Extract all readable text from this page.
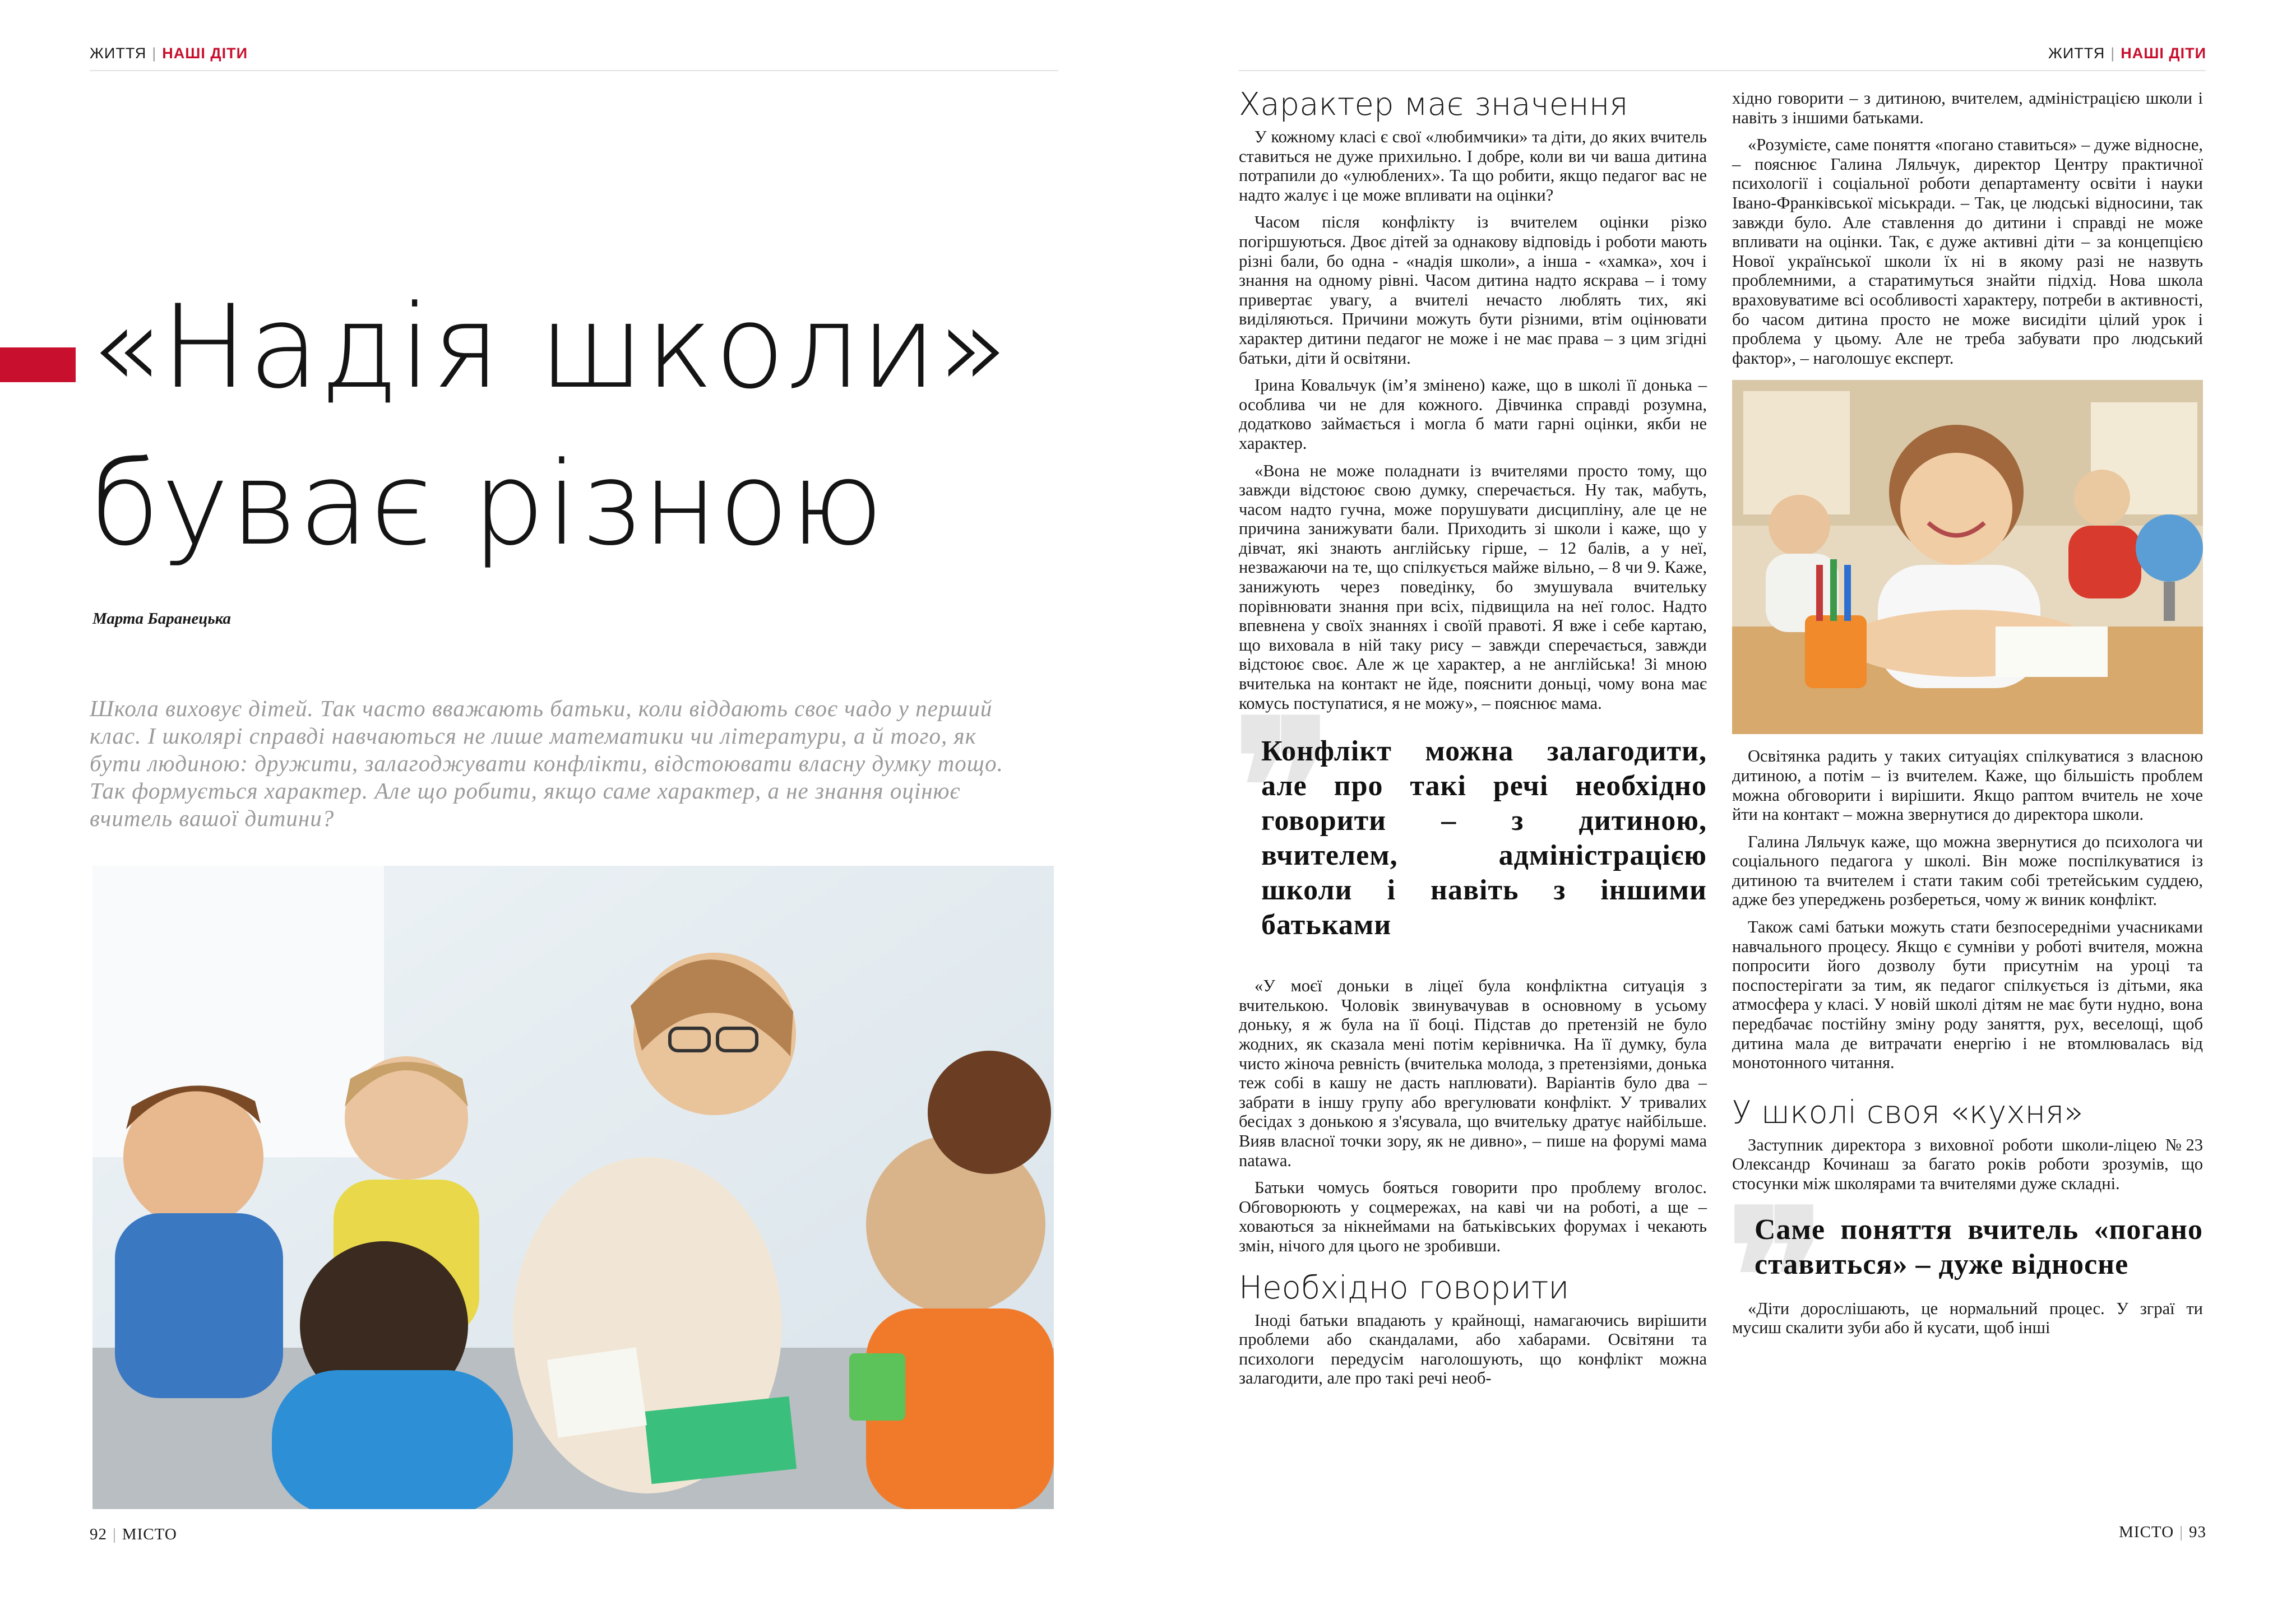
ЖИТТЯ | НАШІ ДІТИ
«Надія школи»
буває різною
Марта Баранецька
Школа виховує дітей. Так часто вважають батьки, коли віддають своє чадо у перший клас. І школярі справді навчаються не лише математики чи літератури, а й того, як бути людиною: дружити, залагоджувати конфлікти, відстоювати власну думку тощо. Так формується характер. Але що робити, якщо саме характер, а не знання оцінює вчитель вашої дитини?
92 | МІСТО
ЖИТТЯ | НАШІ ДІТИ
Характер має значення

У кожному класі є свої «любимчики» та діти, до яких вчитель ставиться не дуже прихильно. І добре, коли ви чи ваша дитина потрапили до «улюблених». Та що робити, якщо педагог вас не надто жалує і це може впливати на оцінки?

Часом після конфлікту із вчителем оцінки різко погіршуються. Двоє дітей за однакову відповідь і роботи мають різні бали, бо одна - «надія школи», а інша - «хамка», хоч і знання на одному рівні. Часом дитина надто яскрава – і тому привертає увагу, а вчителі нечасто люблять тих, які виділяються. Причини можуть бути різними, втім оцінювати характер дитини педагог не може і не має права – з цим згідні батьки, діти й освітяни.

Ірина Ковальчук (ім’я змінено) каже, що в школі її донька – особлива чи не для кожного. Дівчинка справді розумна, додатково займається і могла б мати гарні оцінки, якби не характер.

«Вона не може поладнати із вчителями просто тому, що завжди відстоює свою думку, сперечається. Ну так, мабуть, часом надто гучна, може порушувати дисципліну, але це не причина занижувати бали. Приходить зі школи і каже, що у дівчат, які знають англійську гірше, – 12 балів, а у неї, незважаючи на те, що спілкується майже вільно, – 8 чи 9. Каже, занижують через поведінку, бо змушувала вчительку порівнювати знання при всіх, підвищила на неї голос. Надто впевнена у своїх знаннях і своїй правоті. Я вже і себе картаю, що виховала в ній таку рису – завжди сперечається, завжди відстоює своє. Але ж це характер, а не англійська! Зі мною вчителька на контакт не йде, пояснити доньці, чому вона має комусь поступатися, я не можу», – пояснює мама.

❞
Конфлікт можна залагодити, але про такі речі необхідно говорити – з дитиною, вчителем, адміністрацією школи і навіть з іншими батьками

«У моєї доньки в ліцеї була конфліктна ситуація з вчителькою. Чоловік звинувачував в основному в усьому доньку, я ж була на її боці. Підстав до претензій не було жодних, як сказала мені потім керівничка. На її думку, була чисто жіноча ревність (вчителька молода, з претензіями, донька теж собі в кашу не дасть наплювати). Варіантів було два – забрати в іншу групу або врегулювати конфлікт. У тривалих бесідах з донькою я з'ясувала, що вчительку дратує найбільше. Вияв власної точки зору, як не дивно», – пише на форумі мама natawa.

Батьки чомусь бояться говорити про проблему вголос. Обговорюють у соцмережах, на каві чи на роботі, а ще – ховаються за нікнеймами на батьківських форумах і чекають змін, нічого для цього не зробивши.

Необхідно говорити

Іноді батьки впадають у крайнощі, намагаючись вирішити проблеми або скандалами, або хабарами. Освітяни та психологи передусім наголошують, що конфлікт можна залагодити, але про такі речі необ-

хідно говорити – з дитиною, вчителем, адміністрацією школи і навіть з іншими батьками.

«Розумієте, саме поняття «погано ставиться» – дуже відносне, – пояснює Галина Ляльчук, директор Центру практичної психології і соціальної роботи департаменту освіти і науки Івано-Франківської міськради. – Так, це людські відносини, так завжди було. Але ставлення до дитини і справді не може впливати на оцінки. Так, є дуже активні діти – за концепцією Нової української школи їх ні в якому разі не назвуть проблемними, а старатимуться знайти підхід. Нова школа враховуватиме всі особливості характеру, потреби в активності, бо часом дитина просто не може висидіти цілий урок і проблема у цьому. Але не треба забувати про людський фактор», – наголошує експерт.

Освітянка радить у таких ситуаціях спілкуватися з власною дитиною, а потім – із вчителем. Каже, що більшість проблем можна обговорити і вирішити. Якщо раптом вчитель не хоче йти на контакт – можна звернутися до директора школи.

Галина Ляльчук каже, що можна звернутися до психолога чи соціального педагога у школі. Він може поспілкуватися із дитиною та вчителем і стати таким собі третейським суддею, адже без упереджень розбереться, чому ж виник конфлікт.

Також самі батьки можуть стати безпосередніми учасниками навчального процесу. Якщо є сумніви у роботі вчителя, можна попросити його дозволу бути присутнім на уроці та поспостерігати за тим, як педагог спілкується із дітьми, яка атмосфера у класі. У новій школі дітям не має бути нудно, вона передбачає постійну зміну роду заняття, рух, веселощі, щоб дитина мала де витрачати енергію і не втомлювалась від монотонного читання.

У школі своя «кухня»

Заступник директора з виховної роботи школи-ліцею №23 Олександр Кочинаш за багато років роботи зрозумів, що стосунки між школярами та вчителями дуже складні.

❞
Саме поняття вчитель «погано ставиться» – дуже відносне

«Діти дорослішають, це нормальний процес. У зграї ти мусиш скалити зуби або й кусати, щоб інші

МІСТО | 93
